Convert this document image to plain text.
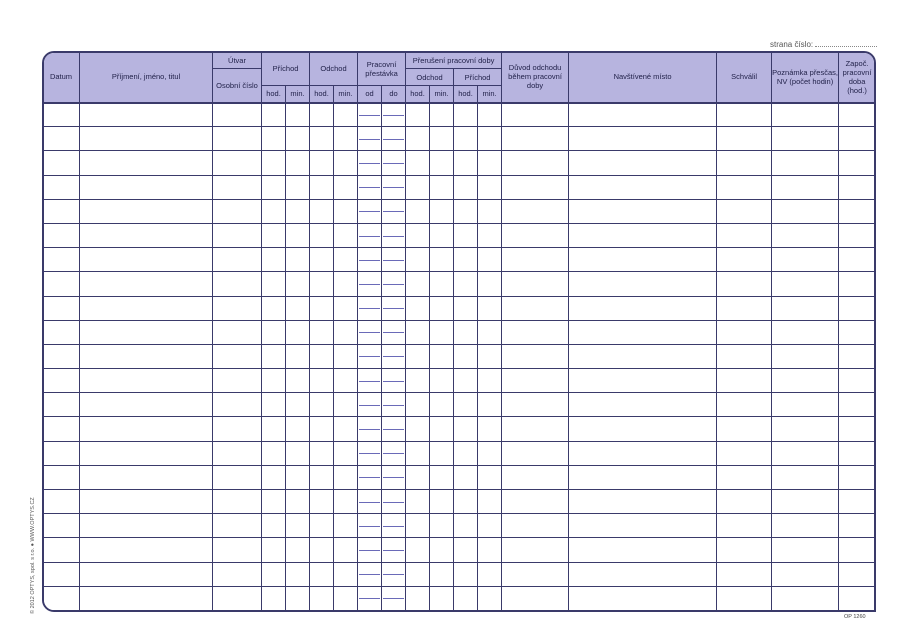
strana číslo:
Datum	Příjmení, jméno, titul	Útvar	Příchod		Odchod		Pracovní přestávka		Přerušení pracovní doby				Důvod odchodu během pracovní doby	Navštívené místo	Schválil	Poznámka přesčas, NV (počet hodin)	Započ. pracovní doba (hod.)
		Osobní číslo							Odchod		Příchod						
			hod.	min.	hod.	min.	od	do	hod.	min.	hod.	min.					

© 2012 OPTYS, spol. s r.o. ● WWW.OPTYS.CZ
OP 1260
